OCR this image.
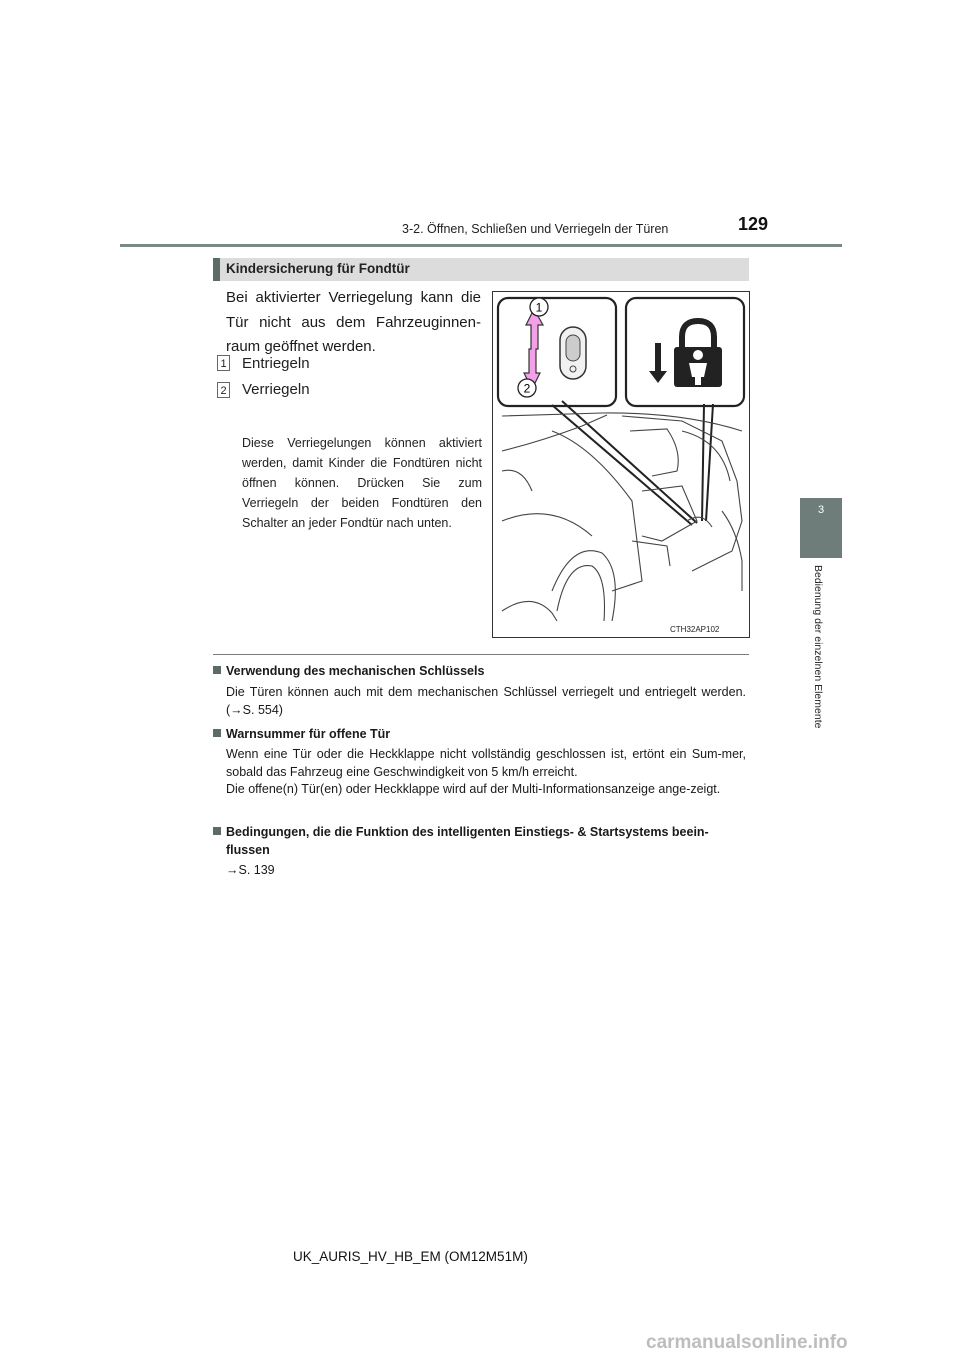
3-2. Öffnen, Schließen und Verriegeln der Türen	129
3
Bedienung der einzelnen Elemente
Kindersicherung für Fondtür

Bei aktivierter Verriegelung kann die Tür nicht aus dem Fahrzeuginnen-raum geöffnet werden.

1 Entriegeln
2 Verriegeln

Diese Verriegelungen können aktiviert werden, damit Kinder die Fondtüren nicht öffnen können. Drücken Sie zum Verriegeln der beiden Fondtüren den Schalter an jeder Fondtür nach unten.

1
2
CTH32AP102
Verwendung des mechanischen Schlüssels

Die Türen können auch mit dem mechanischen Schlüssel verriegelt und entriegelt werden. (→S. 554)

Warnsummer für offene Tür

Wenn eine Tür oder die Heckklappe nicht vollständig geschlossen ist, ertönt ein Sum-mer, sobald das Fahrzeug eine Geschwindigkeit von 5 km/h erreicht.

Die offene(n) Tür(en) oder Heckklappe wird auf der Multi-Informationsanzeige ange-zeigt.

Bedingungen, die die Funktion des intelligenten Einstiegs- & Startsystems beein-
flussen

→S. 139

UK_AURIS_HV_HB_EM (OM12M51M)
carmanualsonline.info
